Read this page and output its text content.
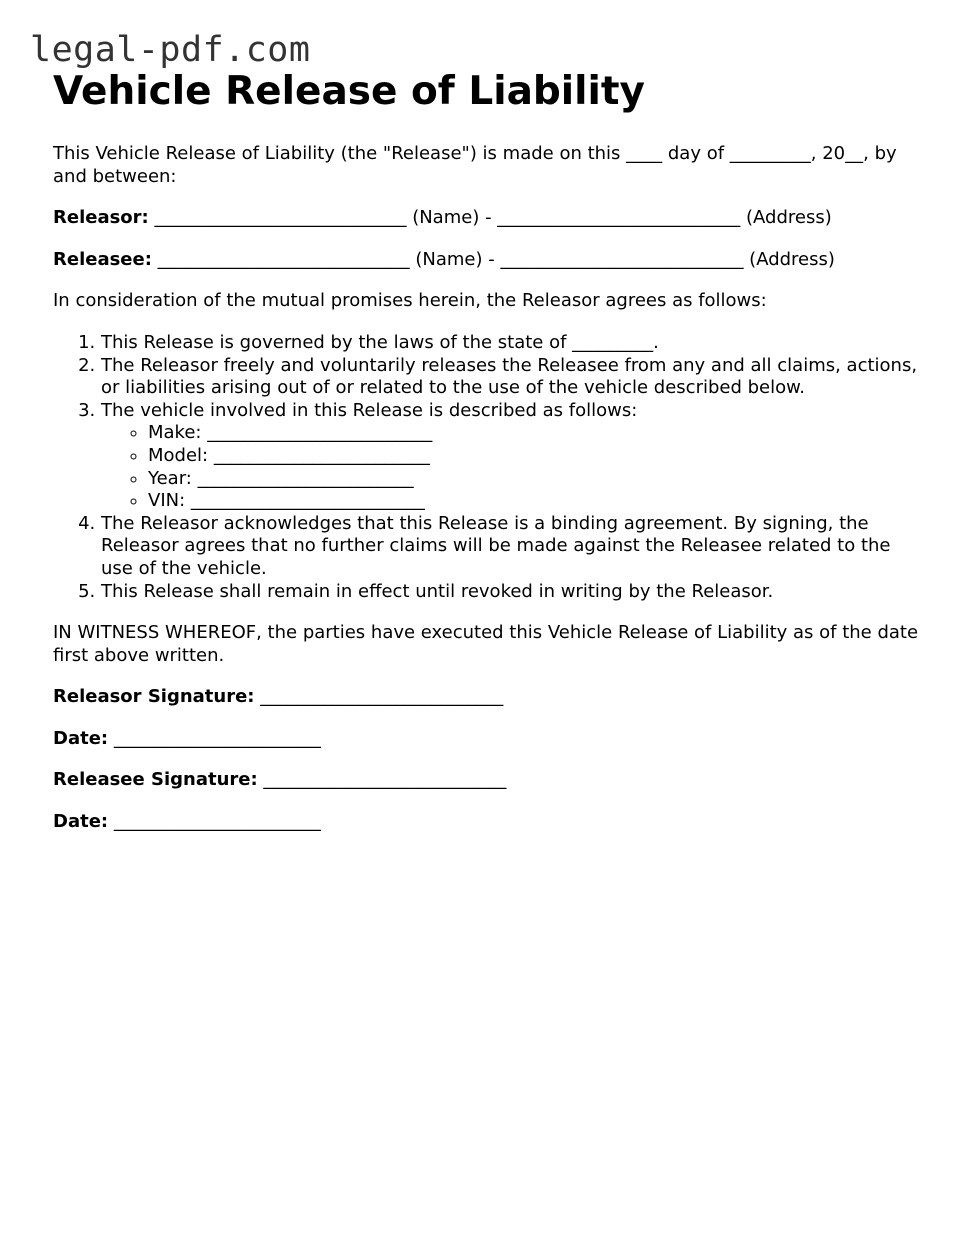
legal-pdf.com
Vehicle Release of Liability

This Vehicle Release of Liability (the "Release") is made on this ____ day of _________, 20__, by and between:

Releasor: ____________________________ (Name) - ___________________________ (Address)
Releasee: ____________________________ (Name) - ___________________________ (Address)

In consideration of the mutual promises herein, the Releasor agrees as follows:

1. This Release is governed by the laws of the state of _________.
2. The Releasor freely and voluntarily releases the Releasee from any and all claims, actions, or liabilities arising out of or related to the use of the vehicle described below.
3. The vehicle involved in this Release is described as follows:
◦ Make: _________________________
◦ Model: ________________________
◦ Year: ________________________
◦ VIN: __________________________
4. The Releasor acknowledges that this Release is a binding agreement. By signing, the Releasor agrees that no further claims will be made against the Releasee related to the use of the vehicle.
5. This Release shall remain in effect until revoked in writing by the Releasor.

IN WITNESS WHEREOF, the parties have executed this Vehicle Release of Liability as of the date first above written.

Releasor Signature: ___________________________
Date: _______________________
Releasee Signature: ___________________________
Date: _______________________
